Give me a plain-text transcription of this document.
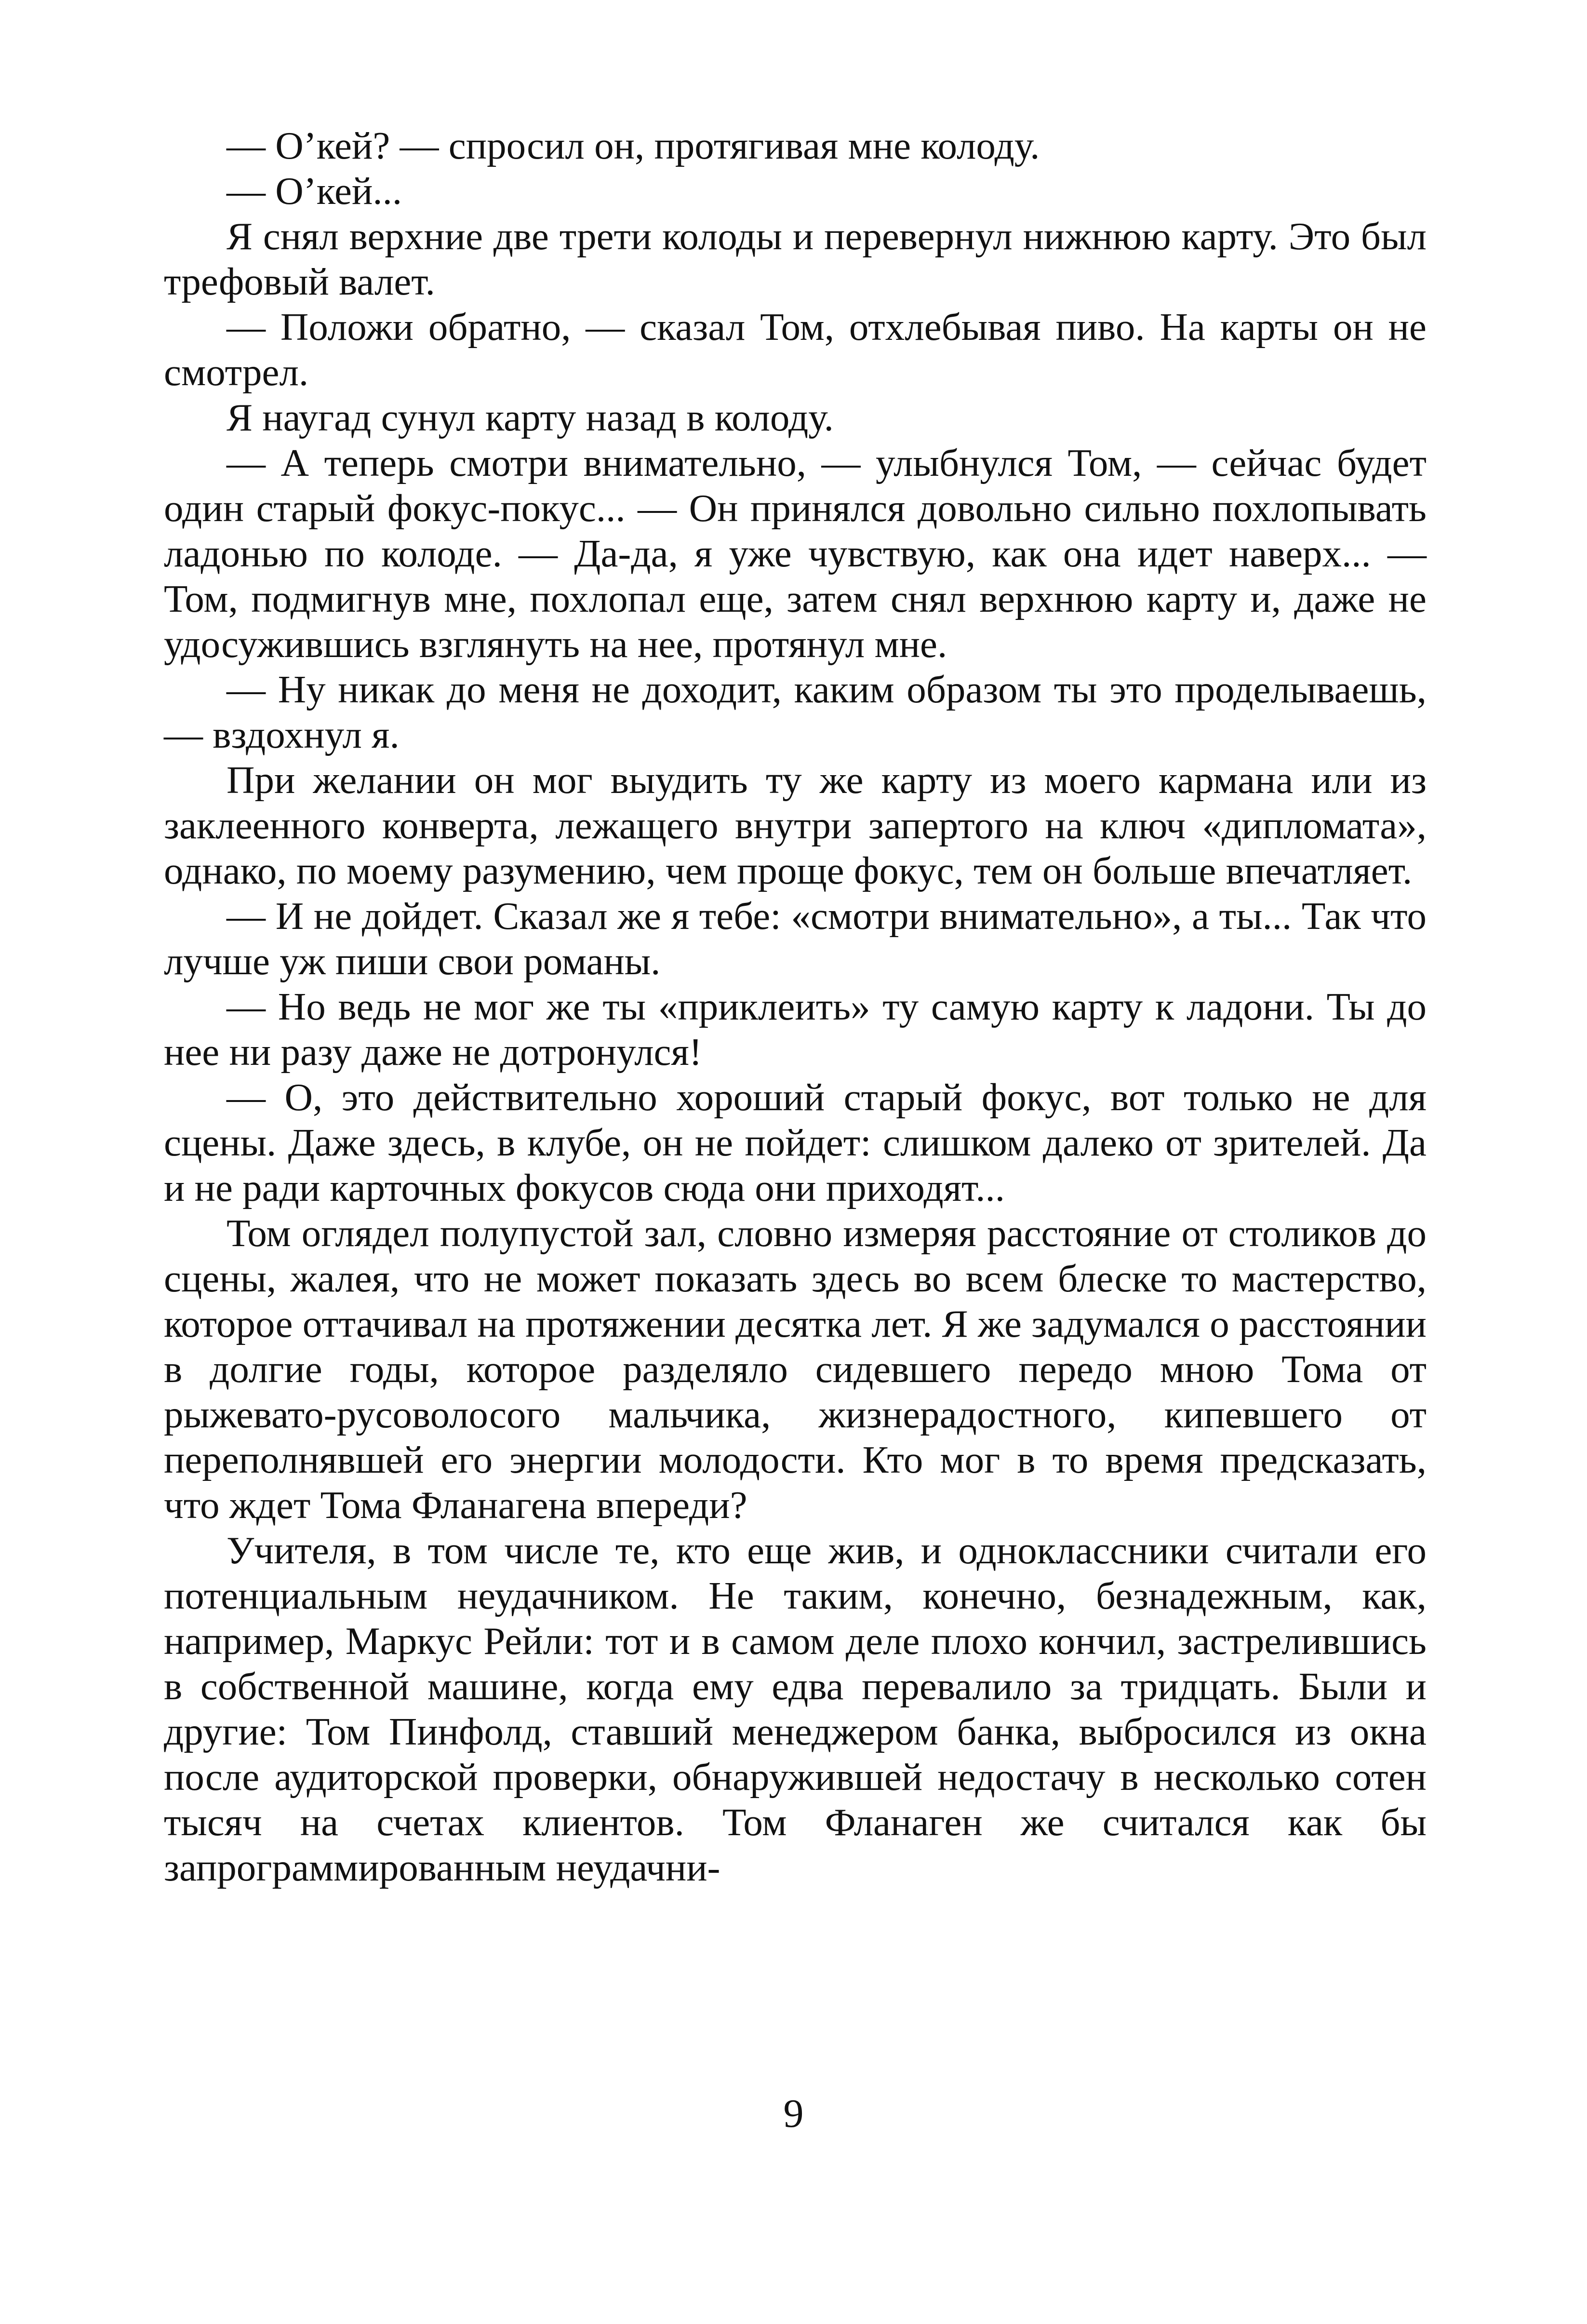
— О’кей? — спросил он, протягивая мне колоду.

— О’кей...

Я снял верхние две трети колоды и перевернул нижнюю карту. Это был трефовый валет.

— Положи обратно, — сказал Том, отхлебывая пиво. На карты он не смотрел.

Я наугад сунул карту назад в колоду.

— А теперь смотри внимательно, — улыбнулся Том, — сейчас будет один старый фокус-покус... — Он принялся довольно сильно похлопывать ладонью по колоде. — Да-да, я уже чувствую, как она идет наверх... — Том, подмигнув мне, похлопал еще, затем снял верхнюю карту и, даже не удосужившись взглянуть на нее, протянул мне.

— Ну никак до меня не доходит, каким образом ты это проделываешь, — вздохнул я.

При желании он мог выудить ту же карту из моего кармана или из заклеенного конверта, лежащего внутри запертого на ключ «дипломата», однако, по моему разумению, чем проще фокус, тем он больше впечатляет.

— И не дойдет. Сказал же я тебе: «смотри внимательно», а ты... Так что лучше уж пиши свои романы.

— Но ведь не мог же ты «приклеить» ту самую карту к ладони. Ты до нее ни разу даже не дотронулся!

— О, это действительно хороший старый фокус, вот только не для сцены. Даже здесь, в клубе, он не пойдет: слишком далеко от зрителей. Да и не ради карточных фокусов сюда они приходят...

Том оглядел полупустой зал, словно измеряя расстояние от столиков до сцены, жалея, что не может показать здесь во всем блеске то мастерство, которое оттачивал на протяжении десятка лет. Я же задумался о расстоянии в долгие годы, которое разделяло сидевшего передо мною Тома от рыжевато-русоволосого мальчика, жизнерадостного, кипевшего от переполнявшей его энергии молодости. Кто мог в то время предсказать, что ждет Тома Фланагена впереди?

Учителя, в том числе те, кто еще жив, и одноклассники считали его потенциальным неудачником. Не таким, конечно, безнадежным, как, например, Маркус Рейли: тот и в самом деле плохо кончил, застрелившись в собственной машине, когда ему едва перевалило за тридцать. Были и другие: Том Пинфолд, ставший менеджером банка, выбросился из окна после аудиторской проверки, обнаружившей недостачу в несколько сотен тысяч на счетах клиентов. Том Фланаген же считался как бы запрограммированным неудачни-

9
